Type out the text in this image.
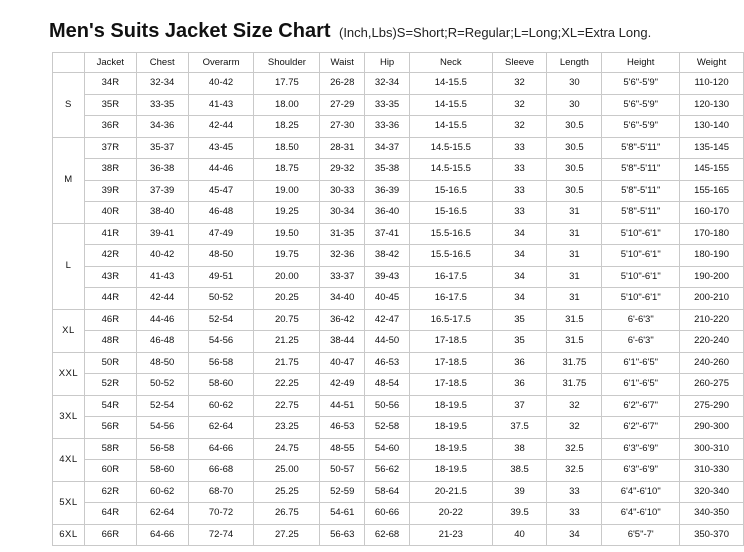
Men's Suits Jacket Size Chart (Inch,Lbs)S=Short;R=Regular;L=Long;XL=Extra Long.
	Jacket	Chest	Overarm	Shoulder	Waist	Hip	Neck	Sleeve	Length	Height	Weight
S	34R	32-34	40-42	17.75	26-28	32-34	14-15.5	32	30	5'6"-5'9"	110-120
	35R	33-35	41-43	18.00	27-29	33-35	14-15.5	32	30	5'6"-5'9"	120-130
	36R	34-36	42-44	18.25	27-30	33-36	14-15.5	32	30.5	5'6"-5'9"	130-140
M	37R	35-37	43-45	18.50	28-31	34-37	14.5-15.5	33	30.5	5'8"-5'11"	135-145
	38R	36-38	44-46	18.75	29-32	35-38	14.5-15.5	33	30.5	5'8"-5'11"	145-155
	39R	37-39	45-47	19.00	30-33	36-39	15-16.5	33	30.5	5'8"-5'11"	155-165
	40R	38-40	46-48	19.25	30-34	36-40	15-16.5	33	31	5'8"-5'11"	160-170
L	41R	39-41	47-49	19.50	31-35	37-41	15.5-16.5	34	31	5'10"-6'1"	170-180
	42R	40-42	48-50	19.75	32-36	38-42	15.5-16.5	34	31	5'10"-6'1"	180-190
	43R	41-43	49-51	20.00	33-37	39-43	16-17.5	34	31	5'10"-6'1"	190-200
	44R	42-44	50-52	20.25	34-40	40-45	16-17.5	34	31	5'10"-6'1"	200-210
XL	46R	44-46	52-54	20.75	36-42	42-47	16.5-17.5	35	31.5	6'-6'3"	210-220
	48R	46-48	54-56	21.25	38-44	44-50	17-18.5	35	31.5	6'-6'3"	220-240
XXL	50R	48-50	56-58	21.75	40-47	46-53	17-18.5	36	31.75	6'1"-6'5"	240-260
	52R	50-52	58-60	22.25	42-49	48-54	17-18.5	36	31.75	6'1"-6'5"	260-275
3XL	54R	52-54	60-62	22.75	44-51	50-56	18-19.5	37	32	6'2"-6'7"	275-290
	56R	54-56	62-64	23.25	46-53	52-58	18-19.5	37.5	32	6'2"-6'7"	290-300
4XL	58R	56-58	64-66	24.75	48-55	54-60	18-19.5	38	32.5	6'3"-6'9"	300-310
	60R	58-60	66-68	25.00	50-57	56-62	18-19.5	38.5	32.5	6'3"-6'9"	310-330
5XL	62R	60-62	68-70	25.25	52-59	58-64	20-21.5	39	33	6'4"-6'10"	320-340
	64R	62-64	70-72	26.75	54-61	60-66	20-22	39.5	33	6'4"-6'10"	340-350
6XL	66R	64-66	72-74	27.25	56-63	62-68	21-23	40	34	6'5"-7'	350-370
